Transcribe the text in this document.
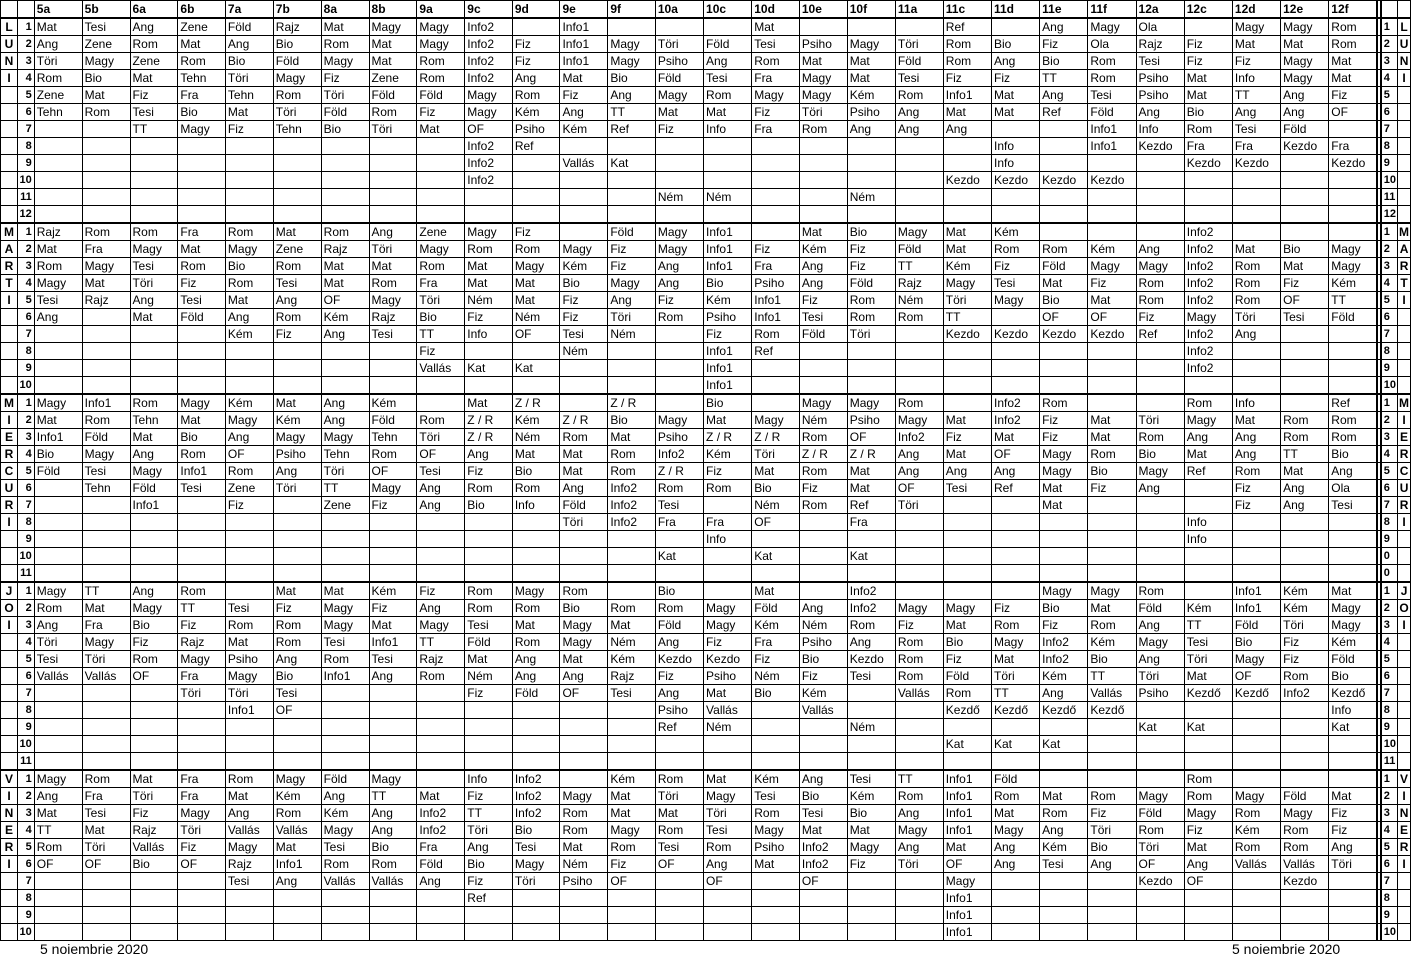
		5a	5b	6a	6b	7a	7b	8a	8b	9a	9c	9d	9e	9f	10a	10c	10d	10e	10f	11a	11c	11d	11e	11f	12a	12c	12d	12e	12f			
L	1	Mat	Tesi	Ang	Zene	Föld	Rajz	Mat	Magy	Magy	Info2		Info1				Mat				Ref		Ang	Magy	Ola		Magy	Magy	Rom		1	L
U	2	Ang	Zene	Rom	Mat	Ang	Bio	Rom	Mat	Magy	Info2	Fiz	Info1	Magy	Töri	Föld	Tesi	Psiho	Magy	Töri	Rom	Bio	Fiz	Ola	Rajz	Fiz	Mat	Mat	Rom		2	U
N	3	Töri	Magy	Zene	Rom	Bio	Föld	Magy	Mat	Rom	Info2	Fiz	Info1	Magy	Psiho	Ang	Rom	Mat	Mat	Föld	Rom	Ang	Bio	Rom	Tesi	Fiz	Fiz	Magy	Mat		3	N
I	4	Rom	Bio	Mat	Tehn	Töri	Magy	Fiz	Zene	Rom	Info2	Ang	Mat	Bio	Föld	Tesi	Fra	Magy	Mat	Tesi	Fiz	Fiz	TT	Rom	Psiho	Mat	Info	Magy	Mat		4	I
	5	Zene	Mat	Fiz	Fra	Tehn	Rom	Töri	Föld	Föld	Magy	Rom	Fiz	Ang	Magy	Rom	Magy	Magy	Kém	Rom	Info1	Mat	Ang	Tesi	Psiho	Mat	TT	Ang	Fiz		5	
	6	Tehn	Rom	Tesi	Bio	Mat	Töri	Föld	Rom	Fiz	Magy	Kém	Ang	TT	Mat	Mat	Fiz	Töri	Psiho	Ang	Mat	Mat	Ref	Föld	Ang	Bio	Ang	Ang	OF		6	
	7			TT	Magy	Fiz	Tehn	Bio	Töri	Mat	OF	Psiho	Kém	Ref	Fiz	Info	Fra	Rom	Ang	Ang	Ang			Info1	Info	Rom	Tesi	Föld			7	
	8										Info2	Ref										Info		Info1	Kezdo	Fra	Fra	Kezdo	Fra		8	
	9										Info2		Vallás	Kat								Info				Kezdo	Kezdo		Kezdo		9	
	10										Info2										Kezdo	Kezdo	Kezdo	Kezdo							10	
	11														Ném	Ném			Ném												11	
	12																														12	
M	1	Rajz	Rom	Rom	Fra	Rom	Mat	Rom	Ang	Zene	Magy	Fiz		Föld	Magy	Info1		Mat	Bio	Magy	Mat	Kém				Info2					1	M
A	2	Mat	Fra	Magy	Mat	Magy	Zene	Rajz	Töri	Magy	Rom	Rom	Magy	Fiz	Magy	Info1	Fiz	Kém	Fiz	Föld	Mat	Rom	Rom	Kém	Ang	Info2	Mat	Bio	Magy		2	A
R	3	Rom	Magy	Tesi	Rom	Bio	Rom	Mat	Mat	Rom	Mat	Magy	Kém	Fiz	Ang	Info1	Fra	Ang	Fiz	TT	Kém	Fiz	Föld	Magy	Magy	Info2	Rom	Mat	Magy		3	R
T	4	Magy	Mat	Töri	Fiz	Rom	Tesi	Mat	Rom	Fra	Mat	Mat	Bio	Magy	Ang	Bio	Psiho	Ang	Föld	Rajz	Magy	Tesi	Mat	Fiz	Rom	Info2	Rom	Fiz	Kém		4	T
I	5	Tesi	Rajz	Ang	Tesi	Mat	Ang	OF	Magy	Töri	Ném	Mat	Fiz	Ang	Fiz	Kém	Info1	Fiz	Rom	Ném	Töri	Magy	Bio	Mat	Rom	Info2	Rom	OF	TT		5	I
	6	Ang		Mat	Föld	Ang	Rom	Kém	Rajz	Bio	Fiz	Ném	Fiz	Töri	Rom	Psiho	Info1	Tesi	Rom	Rom	TT		OF	OF	Fiz	Magy	Töri	Tesi	Föld		6	
	7					Kém	Fiz	Ang	Tesi	TT	Info	OF	Tesi	Ném		Fiz	Rom	Föld	Töri		Kezdo	Kezdo	Kezdo	Kezdo	Ref	Info2	Ang				7	
	8									Fiz			Ném			Info1	Ref									Info2					8	
	9									Vallás	Kat	Kat				Info1										Info2					9	
	10															Info1															10	
M	1	Magy	Info1	Rom	Magy	Kém	Mat	Ang	Kém		Mat	Z / R		Z / R		Bio		Magy	Magy	Rom		Info2	Rom			Rom	Info		Ref		1	M
I	2	Mat	Rom	Tehn	Mat	Magy	Kém	Ang	Föld	Rom	Z / R	Kém	Z / R	Bio	Magy	Mat	Magy	Ném	Psiho	Magy	Mat	Info2	Fiz	Mat	Töri	Magy	Mat	Rom	Rom		2	I
E	3	Info1	Föld	Mat	Bio	Ang	Magy	Magy	Tehn	Töri	Z / R	Ném	Rom	Mat	Psiho	Z / R	Z / R	Rom	OF	Info2	Fiz	Mat	Fiz	Mat	Rom	Ang	Ang	Rom	Rom		3	E
R	4	Bio	Magy	Ang	Rom	OF	Psiho	Tehn	Rom	OF	Ang	Mat	Mat	Rom	Info2	Kém	Töri	Z / R	Z / R	Ang	Mat	OF	Magy	Rom	Bio	Mat	Ang	TT	Bio		4	R
C	5	Föld	Tesi	Magy	Info1	Rom	Ang	Töri	OF	Tesi	Fiz	Bio	Mat	Rom	Z / R	Fiz	Mat	Rom	Mat	Ang	Ang	Ang	Magy	Bio	Magy	Ref	Rom	Mat	Ang		5	C
U	6		Tehn	Föld	Tesi	Zene	Töri	TT	Magy	Ang	Rom	Rom	Ang	Info2	Rom	Rom	Bio	Fiz	Mat	OF	Tesi	Ref	Mat	Fiz	Ang		Fiz	Ang	Ola		6	U
R	7			Info1		Fiz		Zene	Fiz	Ang	Bio	Info	Föld	Info2	Tesi		Ném	Rom	Ref	Töri			Mat				Fiz	Ang	Tesi		7	R
I	8												Töri	Info2	Fra	Fra	OF		Fra							Info					8	I
	9															Info										Info					9	
	10														Kat		Kat		Kat												0	
	11																														0	
J	1	Magy	TT	Ang	Rom		Mat	Mat	Kém	Fiz	Rom	Magy	Rom		Bio		Mat		Info2				Magy	Magy	Rom		Info1	Kém	Mat		1	J
O	2	Rom	Mat	Magy	TT	Tesi	Fiz	Magy	Fiz	Ang	Rom	Rom	Bio	Rom	Rom	Magy	Föld	Ang	Info2	Magy	Magy	Fiz	Bio	Mat	Föld	Kém	Info1	Kém	Magy		2	O
I	3	Ang	Fra	Bio	Fiz	Rom	Rom	Magy	Mat	Magy	Tesi	Mat	Magy	Mat	Föld	Magy	Kém	Ném	Rom	Fiz	Mat	Rom	Fiz	Rom	Ang	TT	Föld	Töri	Magy		3	I
	4	Töri	Magy	Fiz	Rajz	Mat	Rom	Tesi	Info1	TT	Föld	Rom	Magy	Ném	Ang	Fiz	Fra	Psiho	Ang	Rom	Bio	Magy	Info2	Kém	Magy	Tesi	Bio	Fiz	Kém		4	
	5	Tesi	Töri	Rom	Magy	Psiho	Ang	Rom	Tesi	Rajz	Mat	Ang	Mat	Kém	Kezdo	Kezdo	Fiz	Bio	Kezdo	Rom	Fiz	Mat	Info2	Bio	Ang	Töri	Magy	Fiz	Föld		5	
	6	Vallás	Vallás	OF	Fra	Magy	Bio	Info1	Ang	Rom	Ném	Ang	Ang	Rajz	Fiz	Psiho	Ném	Fiz	Tesi	Rom	Föld	Töri	Kém	TT	Töri	Mat	OF	Rom	Bio		6	
	7				Töri	Töri	Tesi				Fiz	Föld	OF	Tesi	Ang	Mat	Bio	Kém		Vallás	Rom	TT	Ang	Vallás	Psiho	Kezdő	Kezdő	Info2	Kezdő		7	
	8					Info1	OF								Psiho	Vallás		Vallás			Kezdő	Kezdő	Kezdő	Kezdő					Info		8	
	9														Ref	Ném			Ném						Kat	Kat			Kat		9	
	10																				Kat	Kat	Kat								10	
	11																														11	
V	1	Magy	Rom	Mat	Fra	Rom	Magy	Föld	Magy		Info	Info2		Kém	Rom	Mat	Kém	Ang	Tesi	TT	Info1	Föld				Rom					1	V
I	2	Ang	Fra	Töri	Fra	Mat	Kém	Ang	TT	Mat	Fiz	Info2	Magy	Mat	Töri	Magy	Tesi	Bio	Kém	Rom	Info1	Rom	Mat	Rom	Magy	Rom	Magy	Föld	Mat		2	I
N	3	Mat	Tesi	Fiz	Magy	Ang	Rom	Kém	Ang	Info2	TT	Info2	Rom	Mat	Mat	Töri	Rom	Tesi	Bio	Ang	Info1	Mat	Rom	Fiz	Föld	Magy	Rom	Magy	Fiz		3	N
E	4	TT	Mat	Rajz	Töri	Vallás	Vallás	Magy	Ang	Info2	Töri	Bio	Rom	Magy	Rom	Tesi	Magy	Mat	Mat	Magy	Info1	Magy	Ang	Töri	Rom	Fiz	Kém	Rom	Fiz		4	E
R	5	Rom	Töri	Vallás	Fiz	Magy	Mat	Tesi	Bio	Fra	Ang	Tesi	Mat	Rom	Tesi	Rom	Psiho	Info2	Magy	Ang	Mat	Ang	Kém	Bio	Töri	Mat	Rom	Rom	Ang		5	R
I	6	OF	OF	Bio	OF	Rajz	Info1	Rom	Rom	Föld	Bio	Magy	Ném	Fiz	OF	Ang	Mat	Info2	Fiz	Töri	OF	Ang	Tesi	Ang	OF	Ang	Vallás	Vallás	Töri		6	I
	7					Tesi	Ang	Vallás	Vallás	Ang	Fiz	Töri	Psiho	OF		OF		OF			Magy				Kezdo	OF		Kezdo			7	
	8										Ref										Info1										8	
	9																				Info1										9	
	10																				Info1										10	
5 noiembrie 2020	5 noiembrie 2020
